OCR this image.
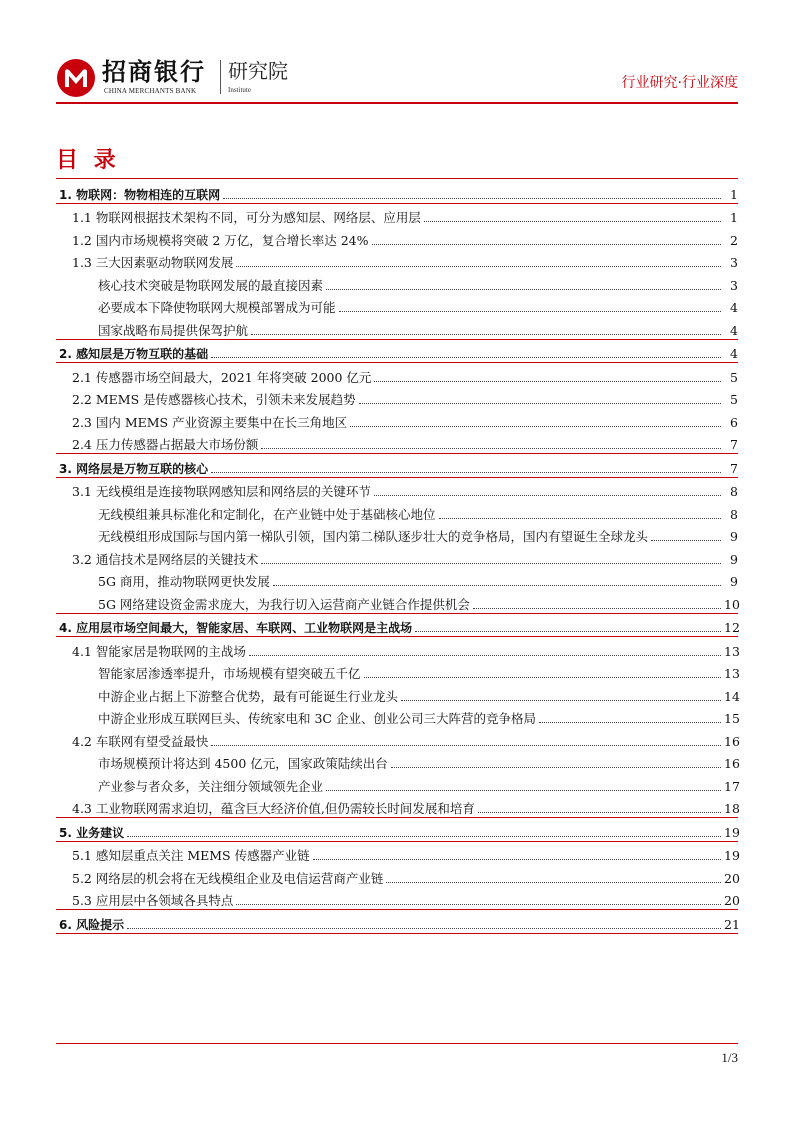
招商银行
CHINA MERCHANTS BANK
研究院
Institute	行业研究·行业深度
目 录
1. 物联网：物物相连的互联网	1
1.1 物联网根据技术架构不同，可分为感知层、网络层、应用层	1
1.2 国内市场规模将突破 2 万亿，复合增长率达 24%	2
1.3 三大因素驱动物联网发展	3
核心技术突破是物联网发展的最直接因素	3
必要成本下降使物联网大规模部署成为可能	4
国家战略布局提供保驾护航	4
2. 感知层是万物互联的基础	4
2.1 传感器市场空间最大，2021 年将突破 2000 亿元	5
2.2 MEMS 是传感器核心技术，引领未来发展趋势	5
2.3 国内 MEMS 产业资源主要集中在长三角地区	6
2.4 压力传感器占据最大市场份额	7
3. 网络层是万物互联的核心	7
3.1 无线模组是连接物联网感知层和网络层的关键环节	8
无线模组兼具标准化和定制化，在产业链中处于基础核心地位	8
无线模组形成国际与国内第一梯队引领，国内第二梯队逐步壮大的竞争格局，国内有望诞生全球龙头	9
3.2 通信技术是网络层的关键技术	9
5G 商用，推动物联网更快发展	9
5G 网络建设资金需求庞大，为我行切入运营商产业链合作提供机会	10
4. 应用层市场空间最大，智能家居、车联网、工业物联网是主战场	12
4.1 智能家居是物联网的主战场	13
智能家居渗透率提升，市场规模有望突破五千亿	13
中游企业占据上下游整合优势，最有可能诞生行业龙头	14
中游企业形成互联网巨头、传统家电和 3C 企业、创业公司三大阵营的竞争格局	15
4.2 车联网有望受益最快	16
市场规模预计将达到 4500 亿元，国家政策陆续出台	16
产业参与者众多，关注细分领域领先企业	17
4.3 工业物联网需求迫切，蕴含巨大经济价值,但仍需较长时间发展和培育	18
5. 业务建议	19
5.1 感知层重点关注 MEMS 传感器产业链	19
5.2 网络层的机会将在无线模组企业及电信运营商产业链	20
5.3 应用层中各领域各具特点	20
6. 风险提示	21
1/3
